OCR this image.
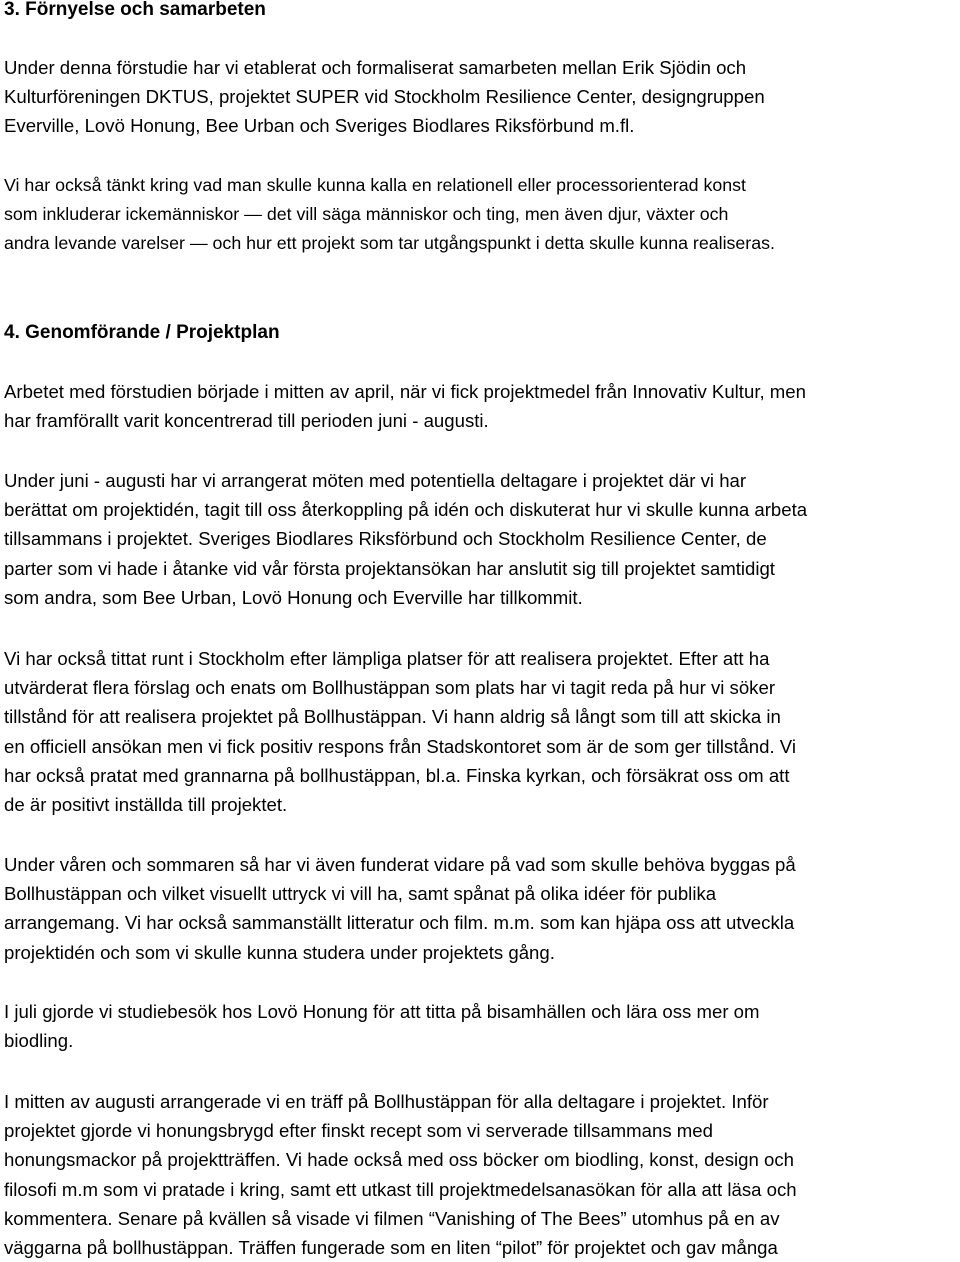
3. Förnyelse och samarbeten

Under denna förstudie har vi etablerat och formaliserat samarbeten mellan Erik Sjödin och
Kulturföreningen DKTUS, projektet SUPER vid Stockholm Resilience Center, designgruppen
Everville, Lovö Honung, Bee Urban och Sveriges Biodlares Riksförbund m.fl.

Vi har också tänkt kring vad man skulle kunna kalla en relationell eller processorienterad konst
som inkluderar ickemänniskor — det vill säga människor och ting, men även djur, växter och
andra levande varelser — och hur ett projekt som tar utgångspunkt i detta skulle kunna realiseras.

4. Genomförande / Projektplan

Arbetet med förstudien började i mitten av april, när vi fick projektmedel från Innovativ Kultur, men
har framförallt varit koncentrerad till perioden juni - augusti.

Under juni - augusti har vi arrangerat möten med potentiella deltagare i projektet där vi har
berättat om projektidén, tagit till oss återkoppling på idén och diskuterat hur vi skulle kunna arbeta
tillsammans i projektet. Sveriges Biodlares Riksförbund och Stockholm Resilience Center, de
parter som vi hade i åtanke vid vår första projektansökan har anslutit sig till projektet samtidigt
som andra, som Bee Urban, Lovö Honung och Everville har tillkommit.

Vi har också tittat runt i Stockholm efter lämpliga platser för att realisera projektet. Efter att ha
utvärderat flera förslag och enats om Bollhustäppan som plats har vi tagit reda på hur vi söker
tillstånd för att realisera projektet på Bollhustäppan. Vi hann aldrig så långt som till att skicka in
en officiell ansökan men vi fick positiv respons från Stadskontoret som är de som ger tillstånd. Vi
har också pratat med grannarna på bollhustäppan, bl.a. Finska kyrkan, och försäkrat oss om att
de är positivt inställda till projektet.

Under våren och sommaren så har vi även funderat vidare på vad som skulle behöva byggas på
Bollhustäppan och vilket visuellt uttryck vi vill ha, samt spånat på olika idéer för publika
arrangemang. Vi har också sammanställt litteratur och film. m.m. som kan hjäpa oss att utveckla
projektidén och som vi skulle kunna studera under projektets gång.

I juli gjorde vi studiebesök hos Lovö Honung för att titta på bisamhällen och lära oss mer om
biodling.

I mitten av augusti arrangerade vi en träff på Bollhustäppan för alla deltagare i projektet. Inför
projektet gjorde vi honungsbrygd efter finskt recept som vi serverade tillsammans med
honungsmackor på projektträffen. Vi hade också med oss böcker om biodling, konst, design och
filosofi m.m som vi pratade i kring, samt ett utkast till projektmedelsanasökan för alla att läsa och
kommentera. Senare på kvällen så visade vi filmen “Vanishing of The Bees” utomhus på en av
väggarna på bollhustäppan. Träffen fungerade som en liten “pilot” för projektet och gav många
